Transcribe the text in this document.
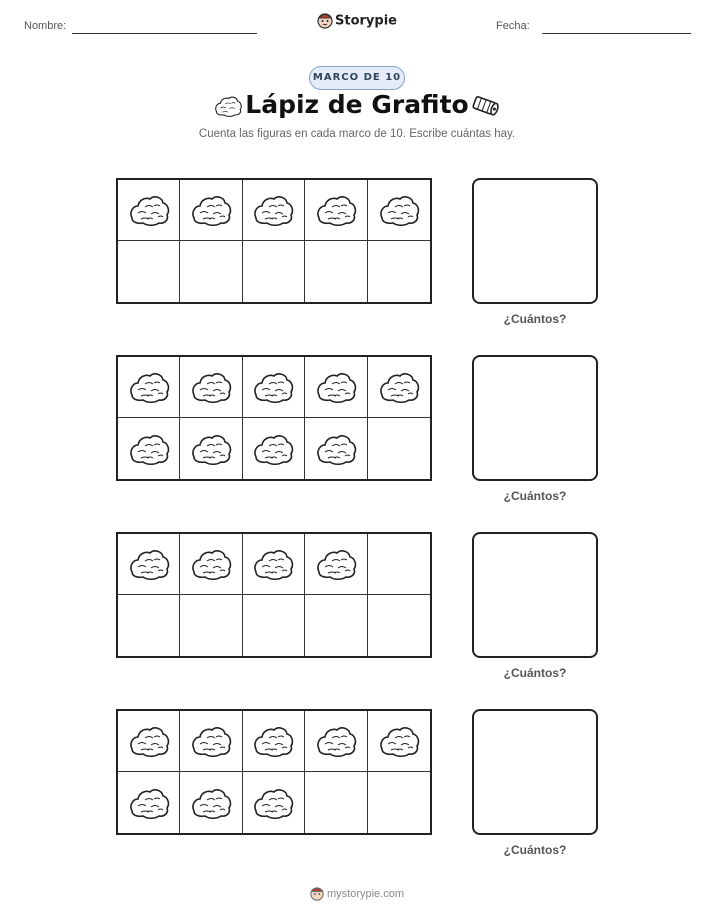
Nombre:	Storypie	Fecha:
MARCO DE 10
Lápiz de Grafito
Cuenta las figuras en cada marco de 10. Escribe cuántas hay.
¿Cuántos?
¿Cuántos?
¿Cuántos?
¿Cuántos?
mystorypie.com
